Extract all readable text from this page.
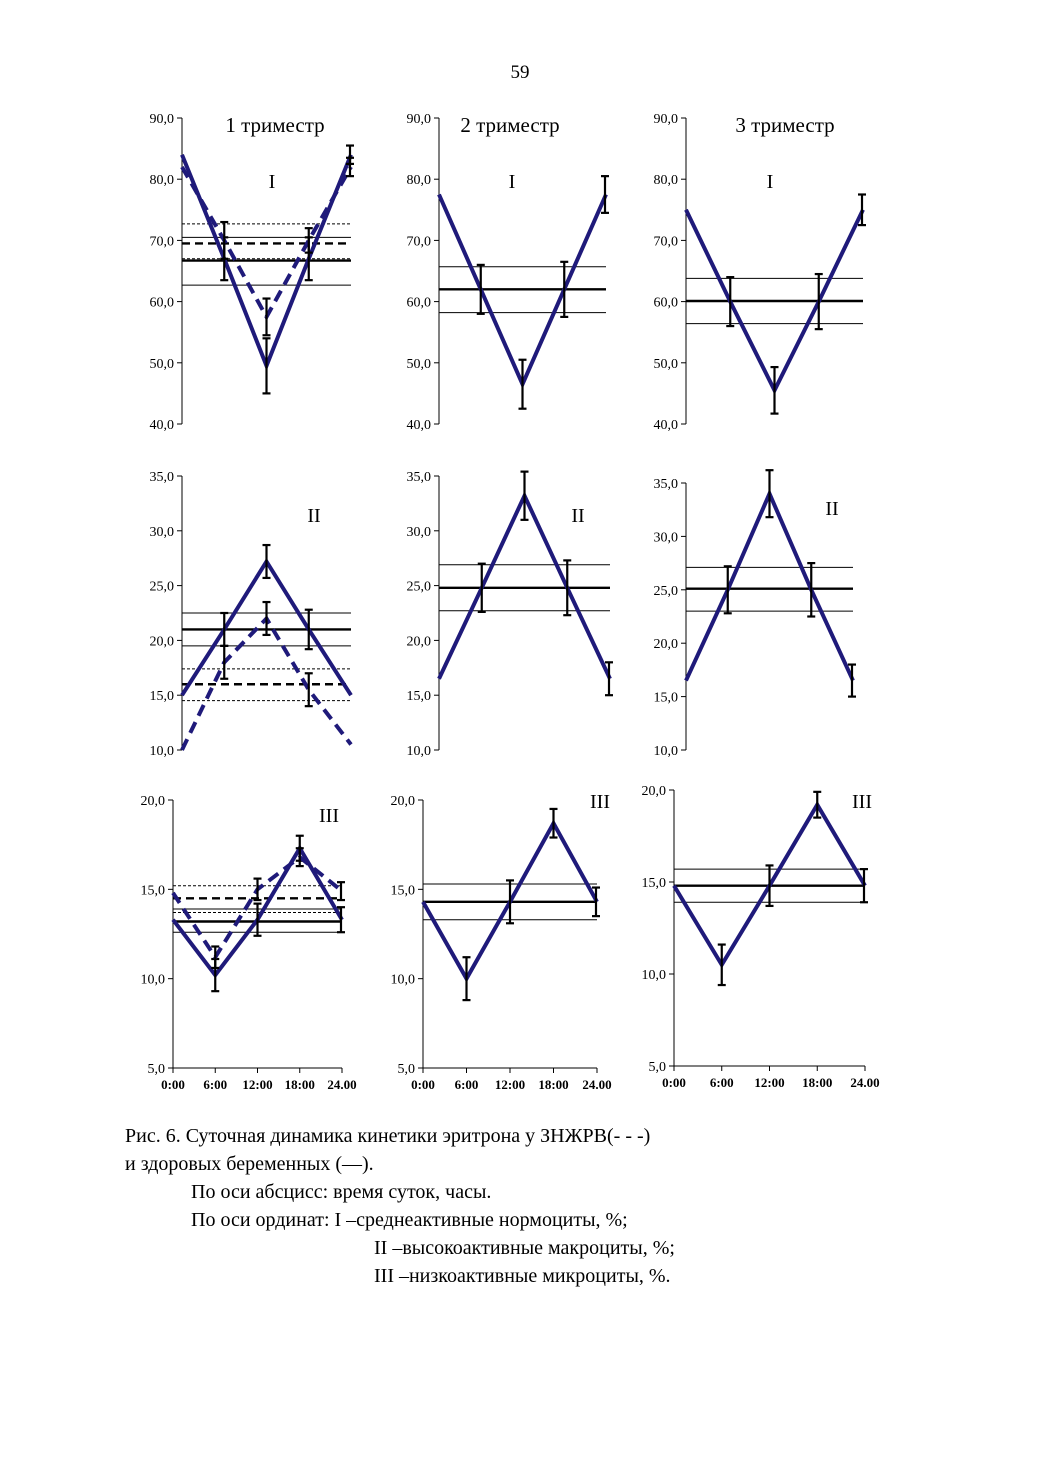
59
90,0
80,0
70,0
60,0
50,0
40,0
1 триместр
I
90,0
80,0
70,0
60,0
50,0
40,0
2 триместр
I
90,0
80,0
70,0
60,0
50,0
40,0
3 триместр
I
35,0
30,0
25,0
20,0
15,0
10,0
II
35,0
30,0
25,0
20,0
15,0
10,0
II
35,0
30,0
25,0
20,0
15,0
10,0
II
20,0
15,0
10,0
5,0
0:00 6:00 12:00 18:00 24.00
III
20,0
15,0
10,0
5,0
0:00 6:00 12:00 18:00 24.00
III 20,0
15,0
10,0
5,0
0:00 6:00 12:00 18:00 24.00
III
Рис. 6. Суточная динамика кинетики эритрона у ЗНЖРВ(- - -)
и здоровых беременных (—).
По оси абсцисс: время суток, часы.
По оси ординат: I –среднеактивные нормоциты, %;
II –высокоактивные макроциты, %;
III –низкоактивные микроциты, %.
